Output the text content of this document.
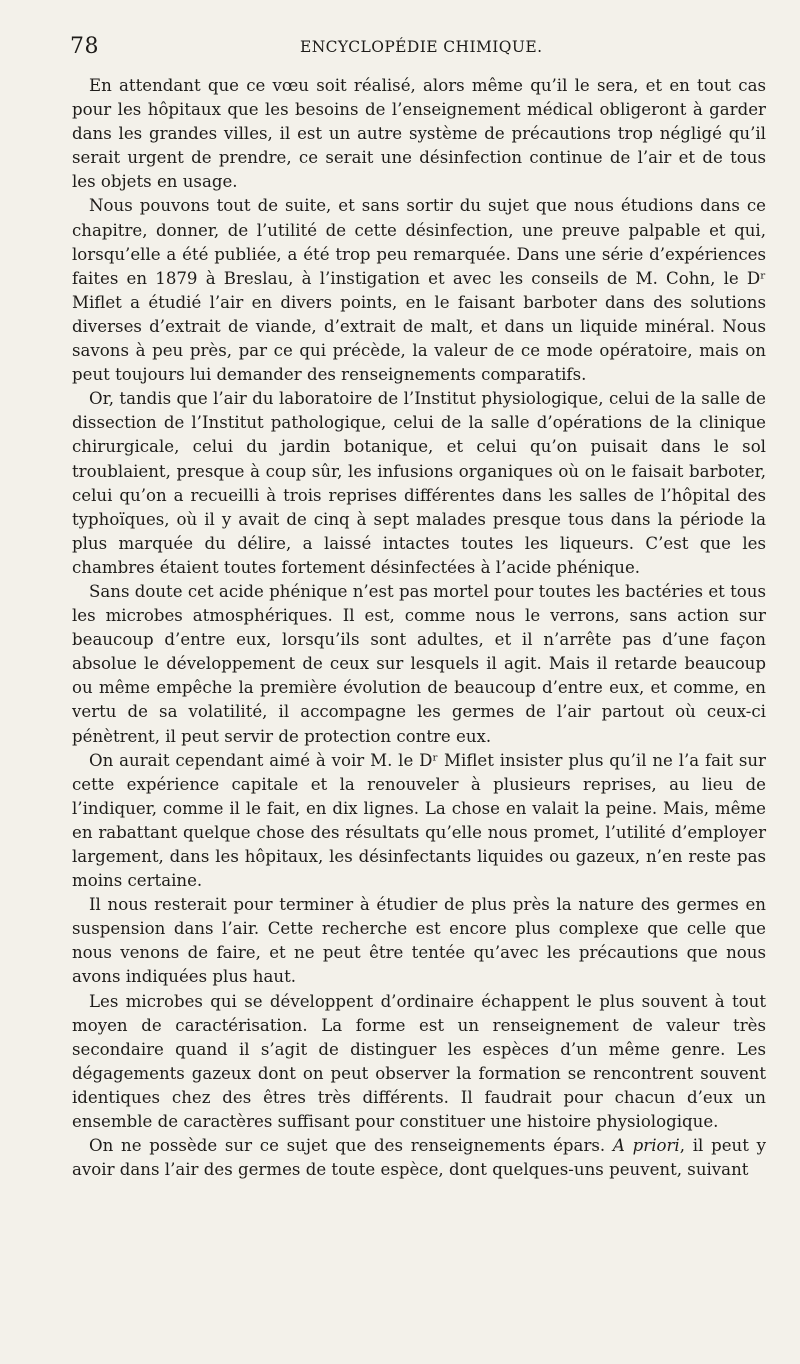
78	ENCYCLOPÉDIE CHIMIQUE.

En attendant que ce vœu soit réalisé, alors même qu’il le sera, et en tout cas pour les hôpitaux que les besoins de l’enseignement médical obligeront à garder dans les grandes villes, il est un autre système de précautions trop négligé qu’il serait urgent de prendre, ce serait une désinfection continue de l’air et de tous les objets en usage.

Nous pouvons tout de suite, et sans sortir du sujet que nous étudions dans ce chapitre, donner, de l’utilité de cette désinfection, une preuve palpable et qui, lorsqu’elle a été publiée, a été trop peu remarquée. Dans une série d’expériences faites en 1879 à Breslau, à l’instigation et avec les conseils de M. Cohn, le Dʳ Miflet a étudié l’air en divers points, en le faisant barboter dans des solutions diverses d’extrait de viande, d’extrait de malt, et dans un liquide minéral. Nous savons à peu près, par ce qui précède, la valeur de ce mode opératoire, mais on peut toujours lui demander des renseignements comparatifs.

Or, tandis que l’air du laboratoire de l’Institut physiologique, celui de la salle de dissection de l’Institut pathologique, celui de la salle d’opérations de la clinique chirurgicale, celui du jardin botanique, et celui qu’on puisait dans le sol troublaient, presque à coup sûr, les infusions organiques où on le faisait barboter, celui qu’on a recueilli à trois reprises différentes dans les salles de l’hôpital des typhoïques, où il y avait de cinq à sept malades presque tous dans la période la plus marquée du délire, a laissé intactes toutes les liqueurs. C’est que les chambres étaient toutes fortement désinfectées à l’acide phénique.

Sans doute cet acide phénique n’est pas mortel pour toutes les bactéries et tous les microbes atmosphériques. Il est, comme nous le verrons, sans action sur beaucoup d’entre eux, lorsqu’ils sont adultes, et il n’arrête pas d’une façon absolue le développement de ceux sur lesquels il agit. Mais il retarde beaucoup ou même empêche la première évolution de beaucoup d’entre eux, et comme, en vertu de sa volatilité, il accompagne les germes de l’air partout où ceux-ci pénètrent, il peut servir de protection contre eux.

On aurait cependant aimé à voir M. le Dʳ Miflet insister plus qu’il ne l’a fait sur cette expérience capitale et la renouveler à plusieurs reprises, au lieu de l’indiquer, comme il le fait, en dix lignes. La chose en valait la peine. Mais, même en rabattant quelque chose des résultats qu’elle nous promet, l’utilité d’employer largement, dans les hôpitaux, les désinfectants liquides ou gazeux, n’en reste pas moins certaine.

Il nous resterait pour terminer à étudier de plus près la nature des germes en suspension dans l’air. Cette recherche est encore plus complexe que celle que nous venons de faire, et ne peut être tentée qu’avec les précautions que nous avons indiquées plus haut.

Les microbes qui se développent d’ordinaire échappent le plus souvent à tout moyen de caractérisation. La forme est un renseignement de valeur très secondaire quand il s’agit de distinguer les espèces d’un même genre. Les dégagements gazeux dont on peut observer la formation se rencontrent souvent identiques chez des êtres très différents. Il faudrait pour chacun d’eux un ensemble de caractères suffisant pour constituer une histoire physiologique.

On ne possède sur ce sujet que des renseignements épars. A priori, il peut y avoir dans l’air des germes de toute espèce, dont quelques-uns peuvent, suivant
